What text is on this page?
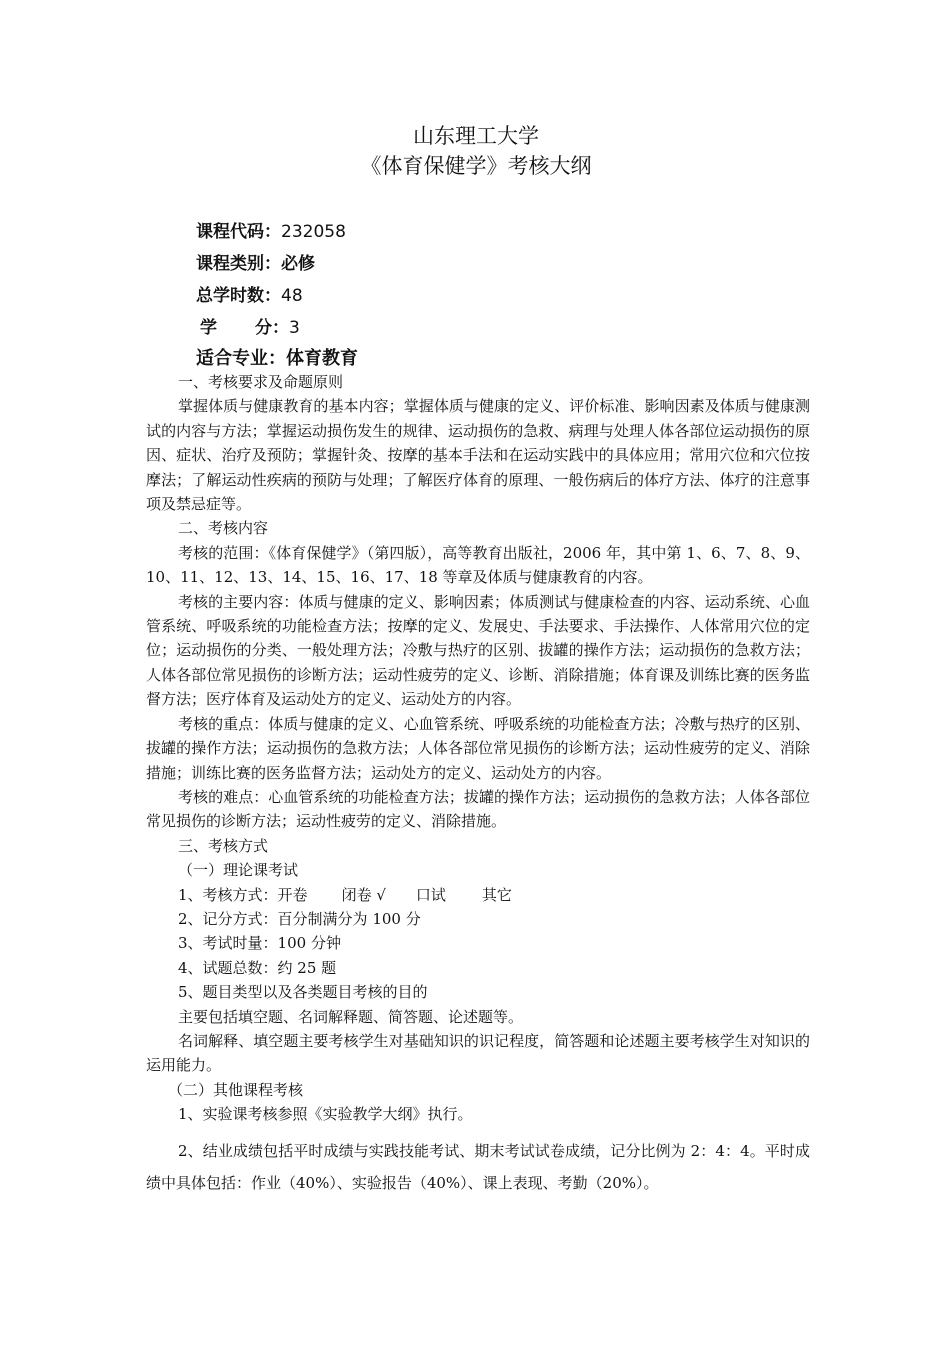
山东理工大学
《体育保健学》考核大纲
课程代码：232058
课程类别：必修
总学时数：48
学 分：3
适合专业：体育教育

一、考核要求及命题原则

掌握体质与健康教育的基本内容；掌握体质与健康的定义、评价标准、影响因素及体质与健康测试的内容与方法；掌握运动损伤发生的规律、运动损伤的急救、病理与处理人体各部位运动损伤的原因、症状、治疗及预防；掌握针灸、按摩的基本手法和在运动实践中的具体应用；常用穴位和穴位按摩法；了解运动性疾病的预防与处理；了解医疗体育的原理、一般伤病后的体疗方法、体疗的注意事项及禁忌症等。

二、考核内容

考核的范围：《体育保健学》（第四版），高等教育出版社，2006 年，其中第 1、6、7、8、9、10、11、12、13、14、15、16、17、18 等章及体质与健康教育的内容。

考核的主要内容：体质与健康的定义、影响因素；体质测试与健康检查的内容、运动系统、心血管系统、呼吸系统的功能检查方法；按摩的定义、发展史、手法要求、手法操作、人体常用穴位的定位；运动损伤的分类、一般处理方法；冷敷与热疗的区别、拔罐的操作方法；运动损伤的急救方法；人体各部位常见损伤的诊断方法；运动性疲劳的定义、诊断、消除措施；体育课及训练比赛的医务监督方法；医疗体育及运动处方的定义、运动处方的内容。

考核的重点：体质与健康的定义、心血管系统、呼吸系统的功能检查方法；冷敷与热疗的区别、拔罐的操作方法；运动损伤的急救方法；人体各部位常见损伤的诊断方法；运动性疲劳的定义、消除措施；训练比赛的医务监督方法；运动处方的定义、运动处方的内容。

考核的难点：心血管系统的功能检查方法；拔罐的操作方法；运动损伤的急救方法；人体各部位常见损伤的诊断方法；运动性疲劳的定义、消除措施。

三、考核方式

（一）理论课考试

1、考核方式：开卷 闭卷 √ 口试 其它

2、记分方式：百分制满分为 100 分

3、考试时量：100 分钟

4、试题总数：约 25 题

5、题目类型以及各类题目考核的目的

主要包括填空题、名词解释题、简答题、论述题等。

名词解释、填空题主要考核学生对基础知识的识记程度，简答题和论述题主要考核学生对知识的运用能力。

（二）其他课程考核

1、实验课考核参照《实验教学大纲》执行。

2、结业成绩包括平时成绩与实践技能考试、期末考试试卷成绩，记分比例为 2：4：4。平时成绩中具体包括：作业（40%）、实验报告（40%）、课上表现、考勤（20%）。
